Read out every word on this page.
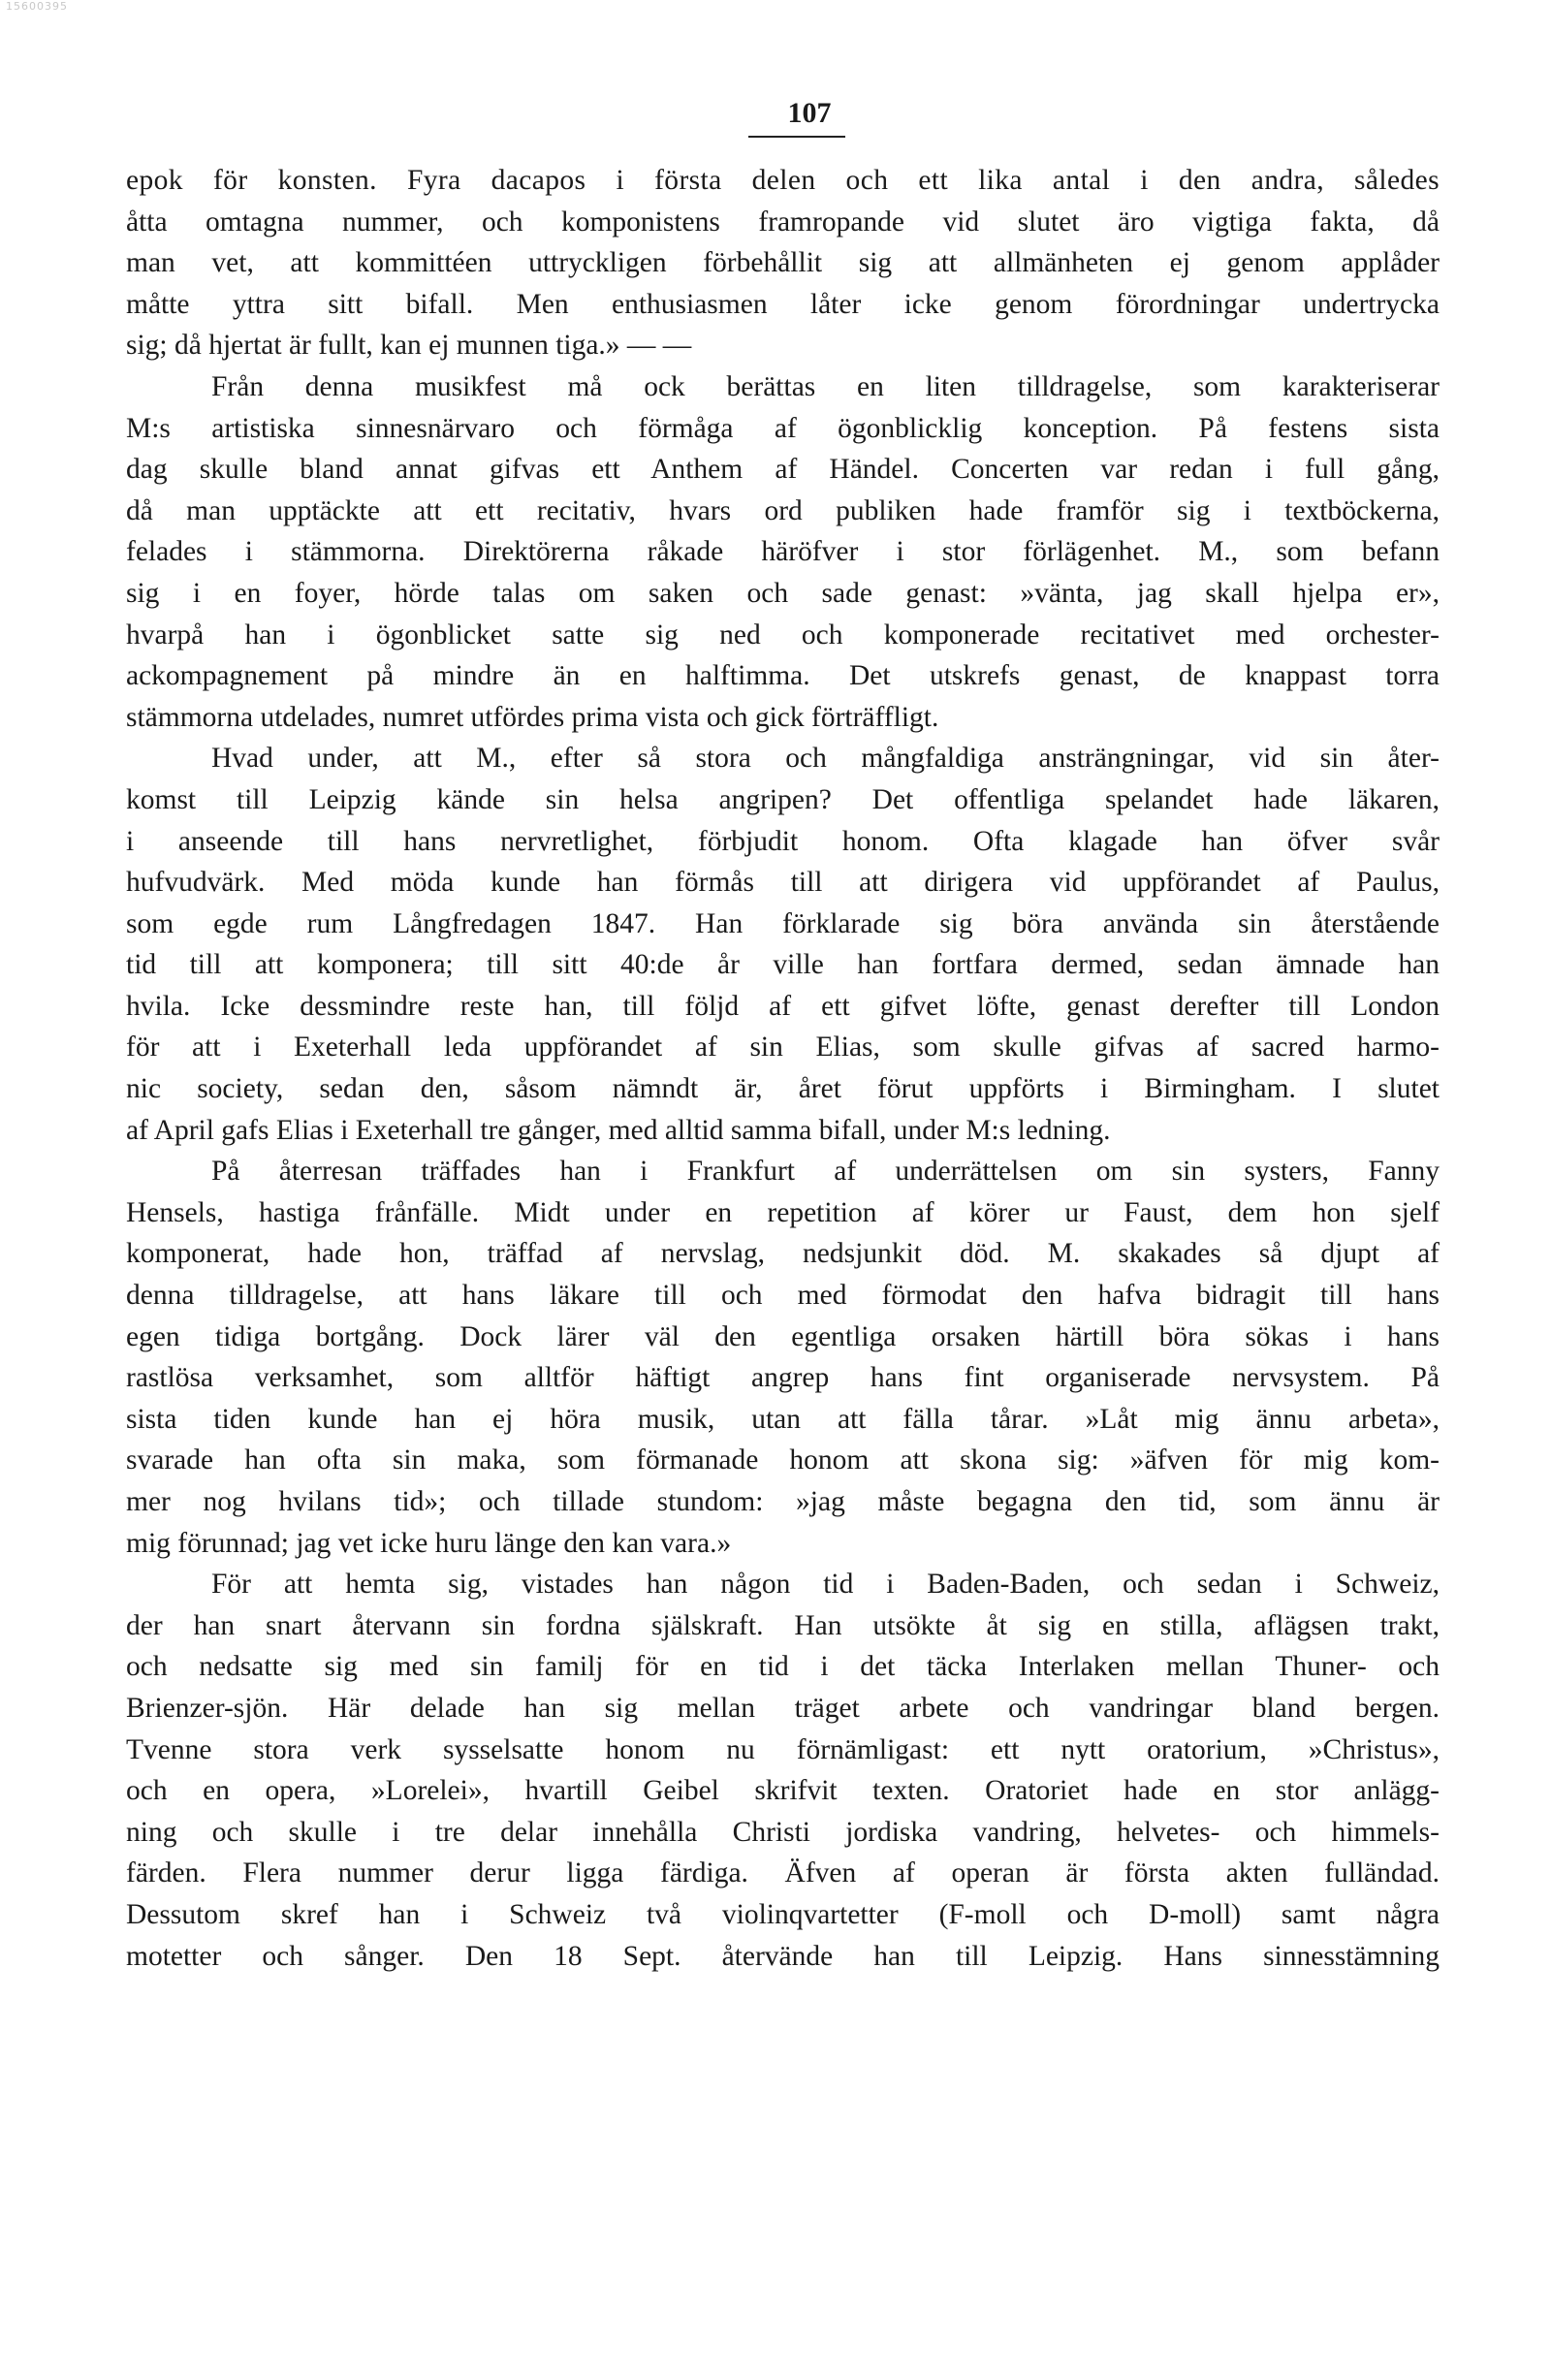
15600395
107
epok för konsten. Fyra dacapos i första delen och ett lika antal i den andra, således
åtta omtagna nummer, och komponistens framropande vid slutet äro vigtiga fakta, då
man vet, att kommittéen uttryckligen förbehållit sig att allmänheten ej genom applåder
måtte yttra sitt bifall. Men enthusiasmen låter icke genom förordningar undertrycka
sig; då hjertat är fullt, kan ej munnen tiga.» — —
Från denna musikfest må ock berättas en liten tilldragelse, som karakteriserar
M:s artistiska sinnesnärvaro och förmåga af ögonblicklig konception. På festens sista
dag skulle bland annat gifvas ett Anthem af Händel. Concerten var redan i full gång,
då man upptäckte att ett recitativ, hvars ord publiken hade framför sig i textböckerna,
felades i stämmorna. Direktörerna råkade häröfver i stor förlägenhet. M., som befann
sig i en foyer, hörde talas om saken och sade genast: »vänta, jag skall hjelpa er»,
hvarpå han i ögonblicket satte sig ned och komponerade recitativet med orchester-
ackompagnement på mindre än en halftimma. Det utskrefs genast, de knappast torra
stämmorna utdelades, numret utfördes prima vista och gick förträffligt.
Hvad under, att M., efter så stora och mångfaldiga ansträngningar, vid sin åter-
komst till Leipzig kände sin helsa angripen? Det offentliga spelandet hade läkaren,
i anseende till hans nervretlighet, förbjudit honom. Ofta klagade han öfver svår
hufvudvärk. Med möda kunde han förmås till att dirigera vid uppförandet af Paulus,
som egde rum Långfredagen 1847. Han förklarade sig böra använda sin återstående
tid till att komponera; till sitt 40:de år ville han fortfara dermed, sedan ämnade han
hvila. Icke dessmindre reste han, till följd af ett gifvet löfte, genast derefter till London
för att i Exeterhall leda uppförandet af sin Elias, som skulle gifvas af sacred harmo-
nic society, sedan den, såsom nämndt är, året förut uppförts i Birmingham. I slutet
af April gafs Elias i Exeterhall tre gånger, med alltid samma bifall, under M:s ledning.
På återresan träffades han i Frankfurt af underrättelsen om sin systers, Fanny
Hensels, hastiga frånfälle. Midt under en repetition af körer ur Faust, dem hon sjelf
komponerat, hade hon, träffad af nervslag, nedsjunkit död. M. skakades så djupt af
denna tilldragelse, att hans läkare till och med förmodat den hafva bidragit till hans
egen tidiga bortgång. Dock lärer väl den egentliga orsaken härtill böra sökas i hans
rastlösa verksamhet, som alltför häftigt angrep hans fint organiserade nervsystem. På
sista tiden kunde han ej höra musik, utan att fälla tårar. »Låt mig ännu arbeta»,
svarade han ofta sin maka, som förmanade honom att skona sig: »äfven för mig kom-
mer nog hvilans tid»; och tillade stundom: »jag måste begagna den tid, som ännu är
mig förunnad; jag vet icke huru länge den kan vara.»
För att hemta sig, vistades han någon tid i Baden-Baden, och sedan i Schweiz,
der han snart återvann sin fordna själskraft. Han utsökte åt sig en stilla, aflägsen trakt,
och nedsatte sig med sin familj för en tid i det täcka Interlaken mellan Thuner- och
Brienzer-sjön. Här delade han sig mellan träget arbete och vandringar bland bergen.
Tvenne stora verk sysselsatte honom nu förnämligast: ett nytt oratorium, »Christus»,
och en opera, »Lorelei», hvartill Geibel skrifvit texten. Oratoriet hade en stor anlägg-
ning och skulle i tre delar innehålla Christi jordiska vandring, helvetes- och himmels-
färden. Flera nummer derur ligga färdiga. Äfven af operan är första akten fulländad.
Dessutom skref han i Schweiz två violinqvartetter (F-moll och D-moll) samt några
motetter och sånger. Den 18 Sept. återvände han till Leipzig. Hans sinnesstämning
